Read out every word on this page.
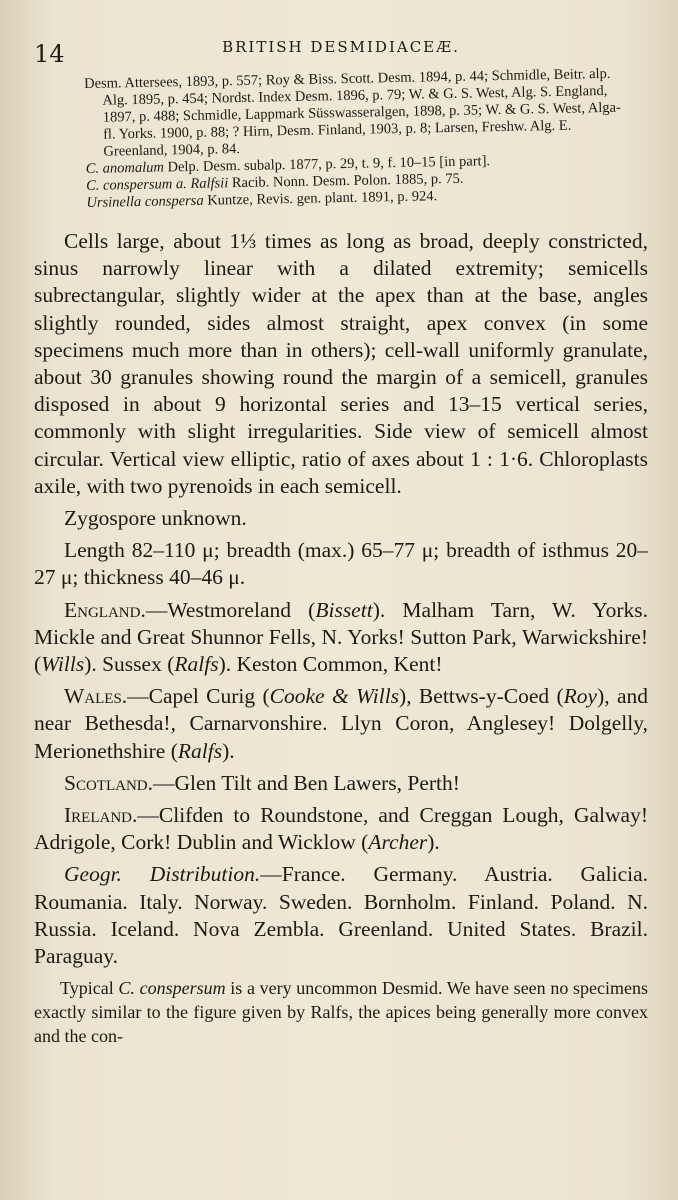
14	BRITISH DESMIDIACEÆ.

Desm. Attersees, 1893, p. 557; Roy & Biss. Scott. Desm. 1894, p. 44; Schmidle, Beitr. alp. Alg. 1895, p. 454; Nordst. Index Desm. 1896, p. 79; W. & G. S. West, Alg. S. England, 1897, p. 488; Schmidle, Lappmark Süsswasseralgen, 1898, p. 35; W. & G. S. West, Alga-fl. Yorks. 1900, p. 88; ? Hirn, Desm. Finland, 1903, p. 8; Larsen, Freshw. Alg. E. Greenland, 1904, p. 84.

C. anomalum Delp. Desm. subalp. 1877, p. 29, t. 9, f. 10–15 [in part].

C. conspersum a. Ralfsii Racib. Nonn. Desm. Polon. 1885, p. 75.

Ursinella conspersa Kuntze, Revis. gen. plant. 1891, p. 924.

Cells large, about 1⅓ times as long as broad, deeply constricted, sinus narrowly linear with a dilated extremity; semicells subrectangular, slightly wider at the apex than at the base, angles slightly rounded, sides almost straight, apex convex (in some specimens much more than in others); cell-wall uniformly granulate, about 30 granules showing round the margin of a semicell, granules disposed in about 9 horizontal series and 13–15 vertical series, commonly with slight irregularities. Side view of semicell almost circular. Vertical view elliptic, ratio of axes about 1 : 1·6. Chloroplasts axile, with two pyrenoids in each semicell.

Zygospore unknown.

Length 82–110 μ; breadth (max.) 65–77 μ; breadth of isthmus 20–27 μ; thickness 40–46 μ.

England.—Westmoreland (Bissett). Malham Tarn, W. Yorks. Mickle and Great Shunnor Fells, N. Yorks! Sutton Park, Warwickshire! (Wills). Sussex (Ralfs). Keston Common, Kent!

Wales.—Capel Curig (Cooke & Wills), Bettws-y-Coed (Roy), and near Bethesda!, Carnarvonshire. Llyn Coron, Anglesey! Dolgelly, Merionethshire (Ralfs).

Scotland.—Glen Tilt and Ben Lawers, Perth!

Ireland.—Clifden to Roundstone, and Creggan Lough, Galway! Adrigole, Cork! Dublin and Wicklow (Archer).

Geogr. Distribution.—France. Germany. Austria. Galicia. Roumania. Italy. Norway. Sweden. Bornholm. Finland. Poland. N. Russia. Iceland. Nova Zembla. Greenland. United States. Brazil. Paraguay.

Typical C. conspersum is a very uncommon Desmid. We have seen no specimens exactly similar to the figure given by Ralfs, the apices being generally more convex and the con-
